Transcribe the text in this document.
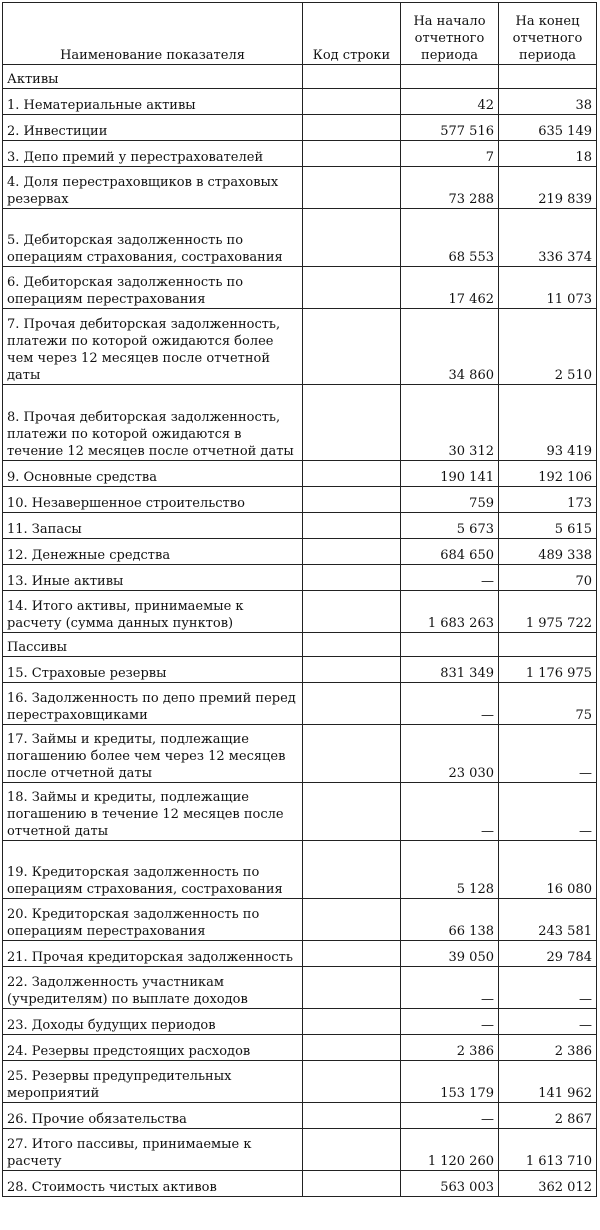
Наименование показателя	Код строки	На начало отчетного периода	На конец отчетного периода
Активы			
1. Нематериальные активы		42	38
2. Инвестиции		577 516	635 149
3. Депо премий у перестрахователей		7	18
4. Доля перестраховщиков в страховых резервах		73 288	219 839
5. Дебиторская задолженность по операциям страхования, сострахования		68 553	336 374
6. Дебиторская задолженность по операциям перестрахования		17 462	11 073
7. Прочая дебиторская задолженность, платежи по которой ожидаются более чем через 12 месяцев после отчетной даты		34 860	2 510
8. Прочая дебиторская задолженность, платежи по которой ожидаются в течение 12 месяцев после отчетной даты		30 312	93 419
9. Основные средства		190 141	192 106
10. Незавершенное строительство		759	173
11. Запасы		5 673	5 615
12. Денежные средства		684 650	489 338
13. Иные активы		—	70
14. Итого активы, принимаемые к расчету (сумма данных пунктов)		1 683 263	1 975 722
Пассивы			
15. Страховые резервы		831 349	1 176 975
16. Задолженность по депо премий перед перестраховщиками		—	75
17. Займы и кредиты, подлежащие погашению более чем через 12 месяцев после отчетной даты		23 030	—
18. Займы и кредиты, подлежащие погашению в течение 12 месяцев после отчетной даты		—	—
19. Кредиторская задолженность по операциям страхования, сострахования		5 128	16 080
20. Кредиторская задолженность по операциям перестрахования		66 138	243 581
21. Прочая кредиторская задолженность		39 050	29 784
22. Задолженность участникам (учредителям) по выплате доходов		—	—
23. Доходы будущих периодов		—	—
24. Резервы предстоящих расходов		2 386	2 386
25. Резервы предупредительных мероприятий		153 179	141 962
26. Прочие обязательства		—	2 867
27. Итого пассивы, принимаемые к расчету		1 120 260	1 613 710
28. Стоимость чистых активов		563 003	362 012
